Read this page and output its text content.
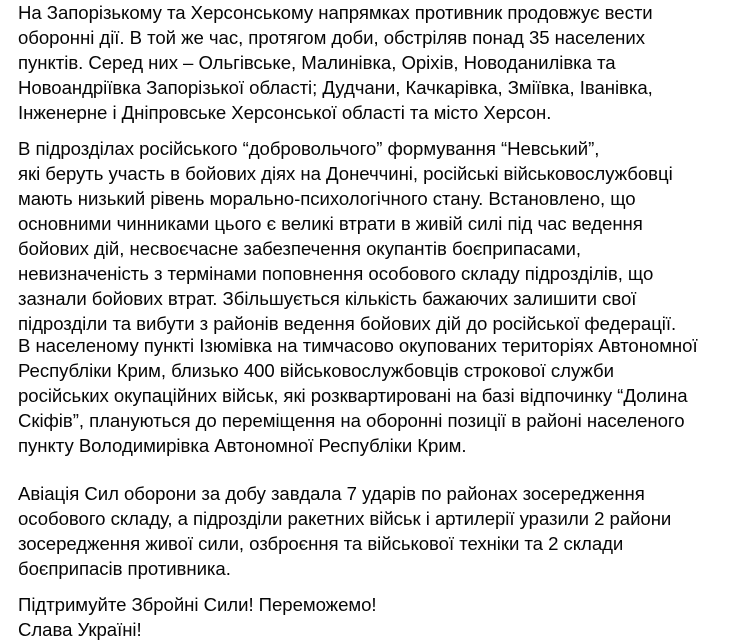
На Запорізькому та Херсонському напрямках противник продовжує вести
оборонні дії. В той же час, протягом доби, обстріляв понад 35 населених
пунктів. Серед них – Ольгівське, Малинівка, Оріхів, Новоданилівка та
Новоандріївка Запорізької області; Дудчани, Качкарівка, Зміївка, Іванівка,
Інженерне і Дніпровське Херсонської області та місто Херсон.

В підрозділах російського “добровольчого” формування “Невський”,
які беруть участь в бойових діях на Донеччині, російські військовослужбовці
мають низький рівень морально-психологічного стану. Встановлено, що
основними чинниками цього є великі втрати в живій силі під час ведення
бойових дій, несвоєчасне забезпечення окупантів боєприпасами,
невизначеність з термінами поповнення особового складу підрозділів, що
зазнали бойових втрат. Збільшується кількість бажаючих залишити свої
підрозділи та вибути з районів ведення бойових дій до російської федерації.

В населеному пункті Ізюмівка на тимчасово окупованих територіях Автономної
Республіки Крим, близько 400 військовослужбовців строкової служби
російських окупаційних військ, які розквартировані на базі відпочинку “Долина
Скіфів”, плануються до переміщення на оборонні позиції в районі населеного
пункту Володимирівка Автономної Республіки Крим.

Авіація Сил оборони за добу завдала 7 ударів по районах зосередження
особового складу, а підрозділи ракетних військ і артилерії уразили 2 райони
зосередження живої сили, озброєння та військової техніки та 2 склади
боєприпасів противника.

Підтримуйте Збройні Сили! Переможемо!
Слава Україні!
